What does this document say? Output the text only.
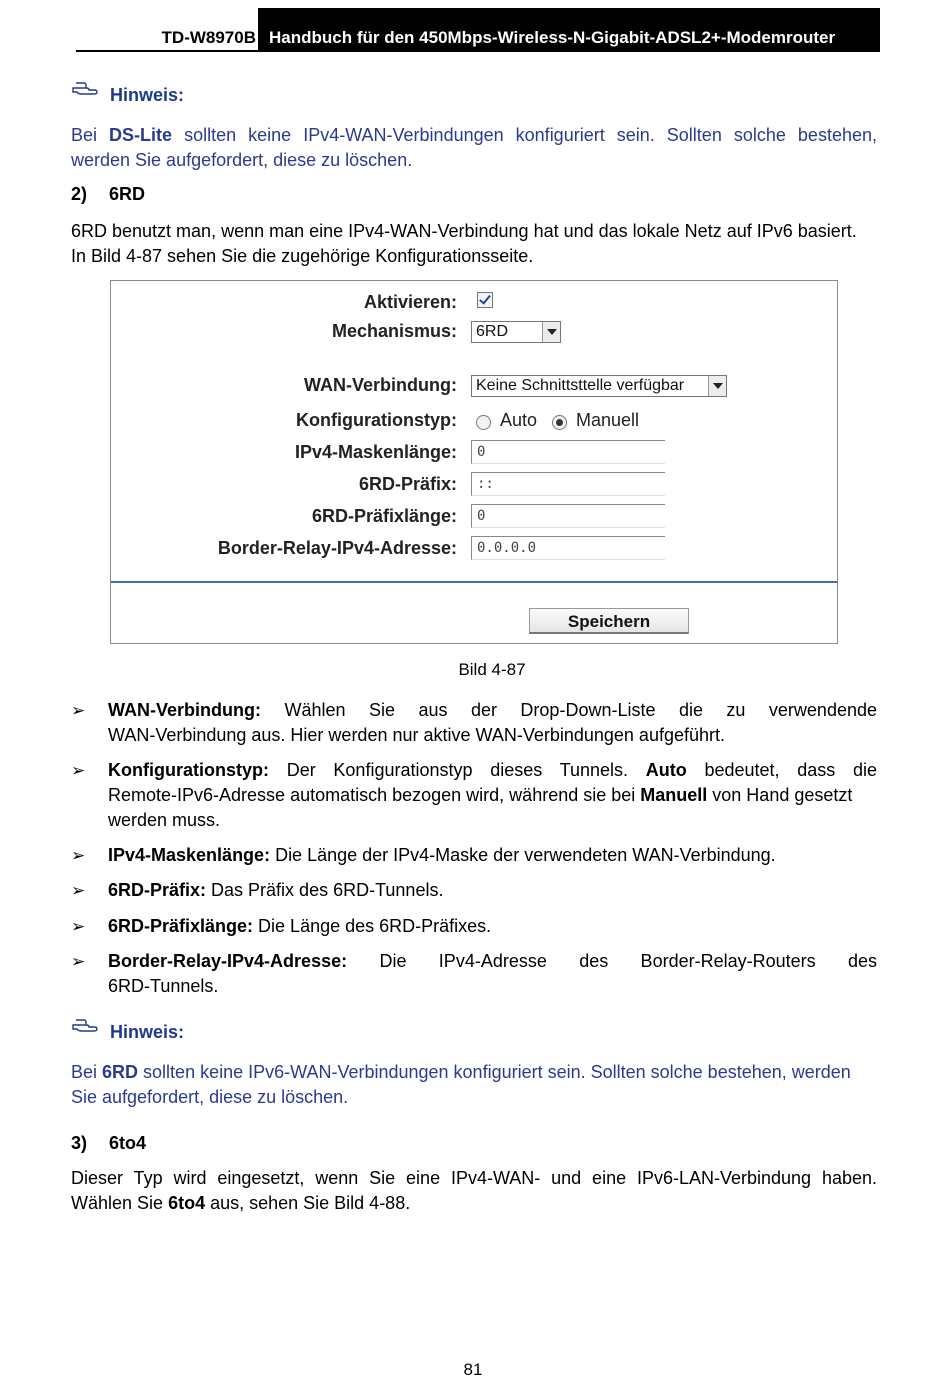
TD-W8970B Handbuch für den 450Mbps-Wireless-N-Gigabit-ADSL2+-Modemrouter
Hinweis:
Bei DS-Lite sollten keine IPv4-WAN-Verbindungen konfiguriert sein. Sollten solche bestehen,
werden Sie aufgefordert, diese zu löschen.
2) 6RD
6RD benutzt man, wenn man eine IPv4-WAN-Verbindung hat und das lokale Netz auf IPv6 basiert.
In Bild 4-87 sehen Sie die zugehörige Konfigurationsseite.
Aktivieren:
Mechanismus:	6RD
WAN-Verbindung:	Keine Schnittsttelle verfügbar
Konfigurationstyp: Auto Manuell
IPv4-Maskenlänge:	0
6RD-Präfix:	::
6RD-Präfixlänge:	0
Border-Relay-IPv4-Adresse:	0.0.0.0
Speichern
Bild 4-87
➢ WAN-Verbindung: Wählen Sie aus der Drop-Down-Liste die zu verwendende
WAN-Verbindung aus. Hier werden nur aktive WAN-Verbindungen aufgeführt.
➢ Konfigurationstyp: Der Konfigurationstyp dieses Tunnels. Auto bedeutet, dass die
Remote-IPv6-Adresse automatisch bezogen wird, während sie bei Manuell von Hand gesetzt
werden muss.
➢ IPv4-Maskenlänge: Die Länge der IPv4-Maske der verwendeten WAN-Verbindung.
➢ 6RD-Präfix: Das Präfix des 6RD-Tunnels.
➢ 6RD-Präfixlänge: Die Länge des 6RD-Präfixes.
➢ Border-Relay-IPv4-Adresse: Die IPv4-Adresse des Border-Relay-Routers des
6RD-Tunnels.
Hinweis:
Bei 6RD sollten keine IPv6-WAN-Verbindungen konfiguriert sein. Sollten solche bestehen, werden
Sie aufgefordert, diese zu löschen.
3) 6to4
Dieser Typ wird eingesetzt, wenn Sie eine IPv4-WAN- und eine IPv6-LAN-Verbindung haben.
Wählen Sie 6to4 aus, sehen Sie Bild 4-88.
81
